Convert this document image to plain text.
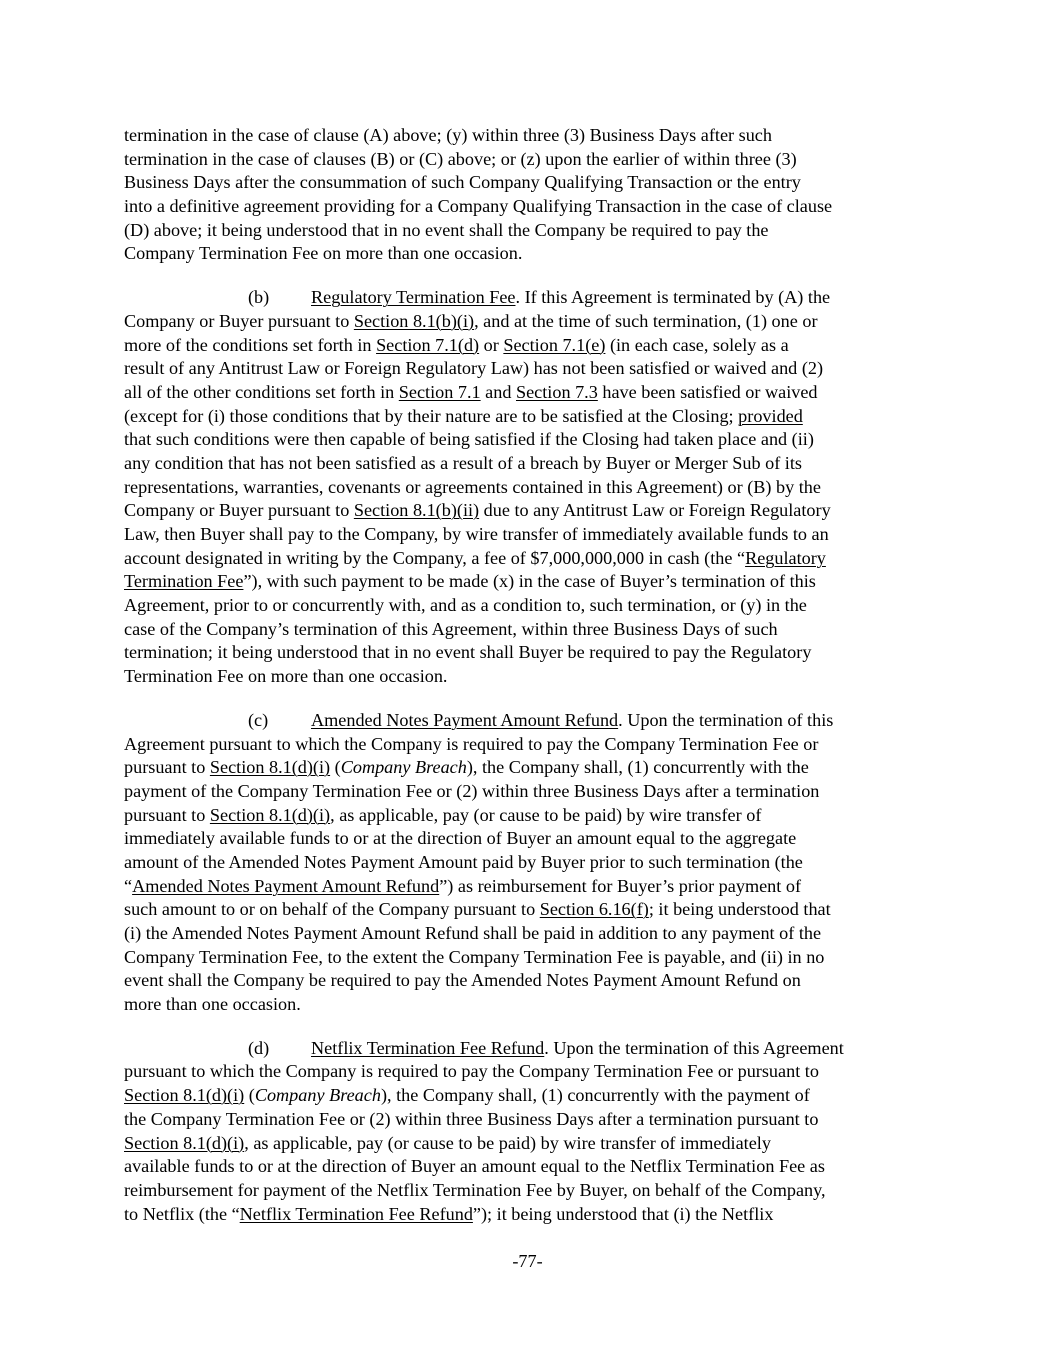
termination in the case of clause (A) above; (y) within three (3) Business Days after such
termination in the case of clauses (B) or (C) above; or (z) upon the earlier of within three (3)
Business Days after the consummation of such Company Qualifying Transaction or the entry
into a definitive agreement providing for a Company Qualifying Transaction in the case of clause
(D) above; it being understood that in no event shall the Company be required to pay the
Company Termination Fee on more than one occasion.
(b) Regulatory Termination Fee. If this Agreement is terminated by (A) the
Company or Buyer pursuant to Section 8.1(b)(i), and at the time of such termination, (1) one or
more of the conditions set forth in Section 7.1(d) or Section 7.1(e) (in each case, solely as a
result of any Antitrust Law or Foreign Regulatory Law) has not been satisfied or waived and (2)
all of the other conditions set forth in Section 7.1 and Section 7.3 have been satisfied or waived
(except for (i) those conditions that by their nature are to be satisfied at the Closing; provided
that such conditions were then capable of being satisfied if the Closing had taken place and (ii)
any condition that has not been satisfied as a result of a breach by Buyer or Merger Sub of its
representations, warranties, covenants or agreements contained in this Agreement) or (B) by the
Company or Buyer pursuant to Section 8.1(b)(ii) due to any Antitrust Law or Foreign Regulatory
Law, then Buyer shall pay to the Company, by wire transfer of immediately available funds to an
account designated in writing by the Company, a fee of $7,000,000,000 in cash (the “Regulatory
Termination Fee”), with such payment to be made (x) in the case of Buyer’s termination of this
Agreement, prior to or concurrently with, and as a condition to, such termination, or (y) in the
case of the Company’s termination of this Agreement, within three Business Days of such
termination; it being understood that in no event shall Buyer be required to pay the Regulatory
Termination Fee on more than one occasion.
(c) Amended Notes Payment Amount Refund. Upon the termination of this
Agreement pursuant to which the Company is required to pay the Company Termination Fee or
pursuant to Section 8.1(d)(i) (Company Breach), the Company shall, (1) concurrently with the
payment of the Company Termination Fee or (2) within three Business Days after a termination
pursuant to Section 8.1(d)(i), as applicable, pay (or cause to be paid) by wire transfer of
immediately available funds to or at the direction of Buyer an amount equal to the aggregate
amount of the Amended Notes Payment Amount paid by Buyer prior to such termination (the
“Amended Notes Payment Amount Refund”) as reimbursement for Buyer’s prior payment of
such amount to or on behalf of the Company pursuant to Section 6.16(f); it being understood that
(i) the Amended Notes Payment Amount Refund shall be paid in addition to any payment of the
Company Termination Fee, to the extent the Company Termination Fee is payable, and (ii) in no
event shall the Company be required to pay the Amended Notes Payment Amount Refund on
more than one occasion.
(d) Netflix Termination Fee Refund. Upon the termination of this Agreement
pursuant to which the Company is required to pay the Company Termination Fee or pursuant to
Section 8.1(d)(i) (Company Breach), the Company shall, (1) concurrently with the payment of
the Company Termination Fee or (2) within three Business Days after a termination pursuant to
Section 8.1(d)(i), as applicable, pay (or cause to be paid) by wire transfer of immediately
available funds to or at the direction of Buyer an amount equal to the Netflix Termination Fee as
reimbursement for payment of the Netflix Termination Fee by Buyer, on behalf of the Company,
to Netflix (the “Netflix Termination Fee Refund”); it being understood that (i) the Netflix
-77-
